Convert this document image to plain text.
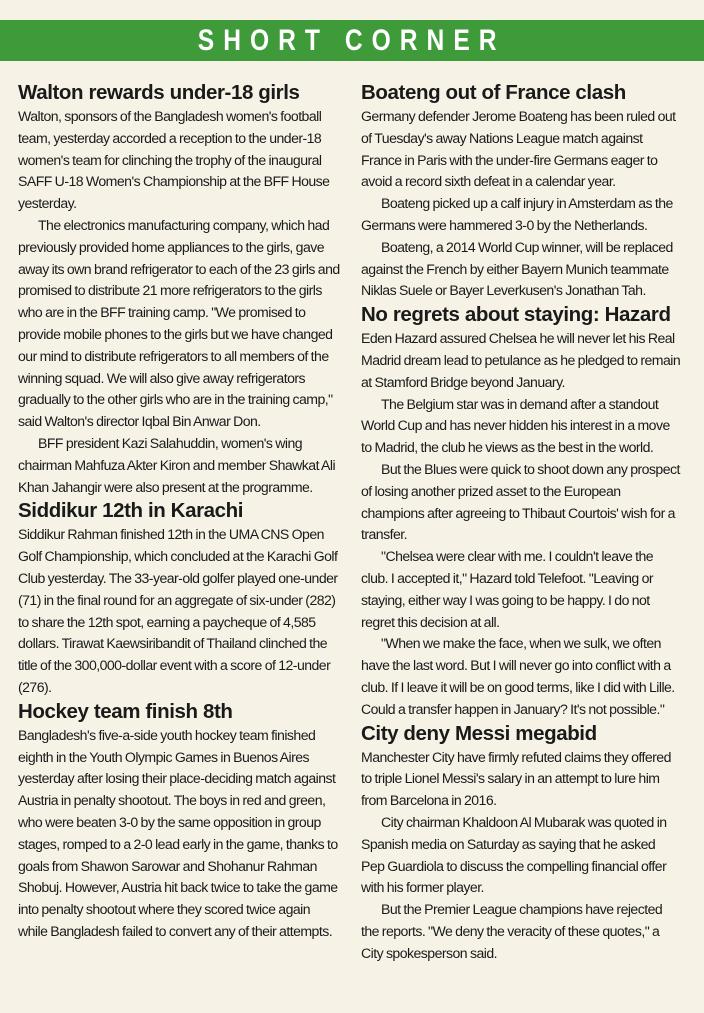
SHORT CORNER
Walton rewards under-18 girls

Walton, sponsors of the Bangladesh women's football team, yesterday accorded a reception to the under-18 women's team for clinching the trophy of the inaugural SAFF U-18 Women's Championship at the BFF House yesterday.

The electronics manufacturing company, which had previously provided home appliances to the girls, gave away its own brand refrigerator to each of the 23 girls and promised to distribute 21 more refrigerators to the girls who are in the BFF training camp. "We promised to provide mobile phones to the girls but we have changed our mind to distribute refrigerators to all members of the winning squad. We will also give away refrigerators gradually to the other girls who are in the training camp," said Walton's director Iqbal Bin Anwar Don.

BFF president Kazi Salahuddin, women's wing chairman Mahfuza Akter Kiron and member Shawkat Ali Khan Jahangir were also present at the programme.

Siddikur 12th in Karachi

Siddikur Rahman finished 12th in the UMA CNS Open Golf Championship, which concluded at the Karachi Golf Club yesterday. The 33-year-old golfer played one-under (71) in the final round for an aggregate of six-under (282) to share the 12th spot, earning a paycheque of 4,585 dollars. Tirawat Kaewsiribandit of Thailand clinched the title of the 300,000-dollar event with a score of 12-under (276).

Hockey team finish 8th

Bangladesh's five-a-side youth hockey team finished eighth in the Youth Olympic Games in Buenos Aires yesterday after losing their place-deciding match against Austria in penalty shootout. The boys in red and green, who were beaten 3-0 by the same opposition in group stages, romped to a 2-0 lead early in the game, thanks to goals from Shawon Sarowar and Shohanur Rahman Shobuj. However, Austria hit back twice to take the game into penalty shootout where they scored twice again while Bangladesh failed to convert any of their attempts.

Boateng out of France clash

Germany defender Jerome Boateng has been ruled out of Tuesday's away Nations League match against France in Paris with the under-fire Germans eager to avoid a record sixth defeat in a calendar year.

Boateng picked up a calf injury in Amsterdam as the Germans were hammered 3-0 by the Netherlands.

Boateng, a 2014 World Cup winner, will be replaced against the French by either Bayern Munich teammate Niklas Suele or Bayer Leverkusen's Jonathan Tah.

No regrets about staying: Hazard

Eden Hazard assured Chelsea he will never let his Real Madrid dream lead to petulance as he pledged to remain at Stamford Bridge beyond January.

The Belgium star was in demand after a standout World Cup and has never hidden his interest in a move to Madrid, the club he views as the best in the world.

But the Blues were quick to shoot down any prospect of losing another prized asset to the European champions after agreeing to Thibaut Courtois' wish for a transfer.

"Chelsea were clear with me. I couldn't leave the club. I accepted it," Hazard told Telefoot. "Leaving or staying, either way I was going to be happy. I do not regret this decision at all.

"When we make the face, when we sulk, we often have the last word. But I will never go into conflict with a club. If I leave it will be on good terms, like I did with Lille. Could a transfer happen in January? It's not possible."

City deny Messi megabid

Manchester City have firmly refuted claims they offered to triple Lionel Messi's salary in an attempt to lure him from Barcelona in 2016.

City chairman Khaldoon Al Mubarak was quoted in Spanish media on Saturday as saying that he asked Pep Guardiola to discuss the compelling financial offer with his former player.

But the Premier League champions have rejected the reports. "We deny the veracity of these quotes," a City spokesperson said.
